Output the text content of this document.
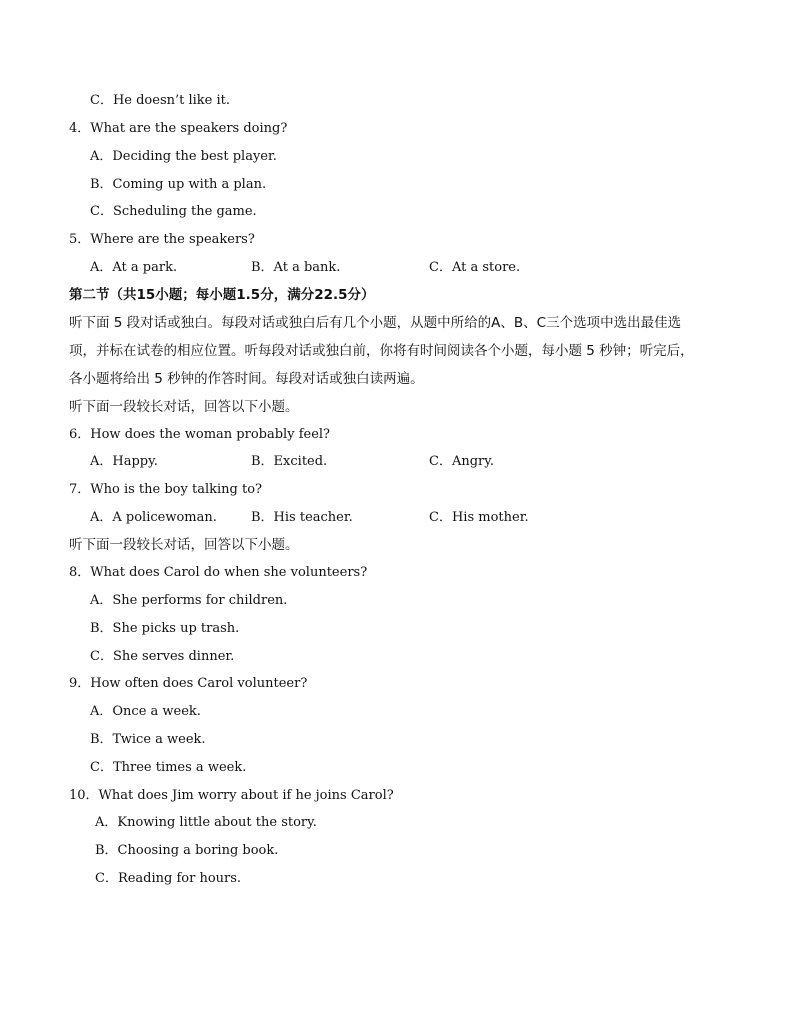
C．He doesn’t like it.
4．What are the speakers doing?
A．Deciding the best player.
B．Coming up with a plan.
C．Scheduling the game.
5．Where are the speakers?
A．At a park.	B．At a bank.	C．At a store.
第二节（共15小题；每小题1.5分，满分22.5分）
听下面 5 段对话或独白。每段对话或独白后有几个小题，从题中所给的A、B、C三个选项中选出最佳选
项，并标在试卷的相应位置。听每段对话或独白前，你将有时间阅读各个小题，每小题 5 秒钟；听完后，
各小题将给出 5 秒钟的作答时间。每段对话或独白读两遍。
听下面一段较长对话，回答以下小题。
6．How does the woman probably feel?
A．Happy.	B．Excited.	C．Angry.
7．Who is the boy talking to?
A．A policewoman.	B．His teacher.	C．His mother.
听下面一段较长对话，回答以下小题。
8．What does Carol do when she volunteers?
A．She performs for children.
B．She picks up trash.
C．She serves dinner.
9．How often does Carol volunteer?
A．Once a week.
B．Twice a week.
C．Three times a week.
10．What does Jim worry about if he joins Carol?
A．Knowing little about the story.
B．Choosing a boring book.
C．Reading for hours.
